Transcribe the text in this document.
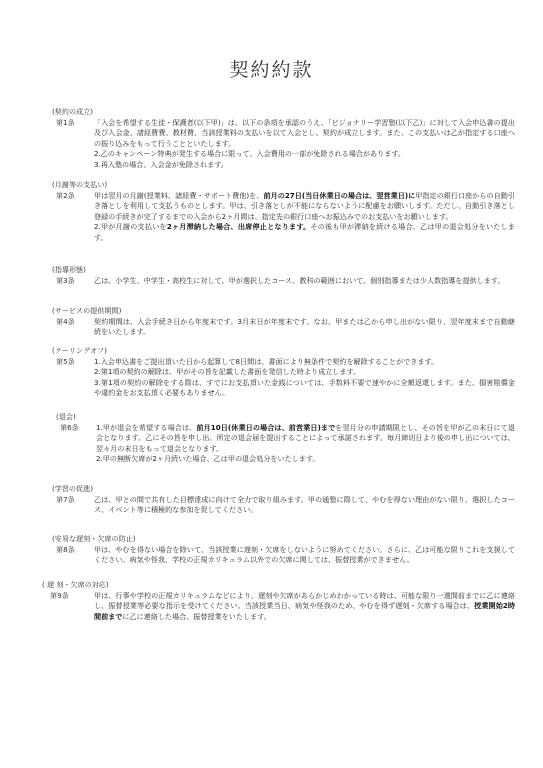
契約約款
(契約の成立)
第1条	「入会を希望する生徒・保護者(以下甲)」は、以下の条項を承認のうえ、「ビジョナリー学習塾(以下乙)」に対して入会申込書の提出及び入会金、諸経費費、教材費、当該授業料の支払いを以て入会とし、契約が成立します。また、この支払いは乙が指定する口座への振り込みをもって行うことといたします。
2.乙のキャンペーン特典が発生する場合に限って、入会費用の一部が免除される場合があります。
3.再入塾の場合、入会金が免除されます。
(月謝等の支払い)
第2条	甲は翌月の月謝(授業料、諸経費・サポート費他)を、前月の27日(当日休業日の場合は、翌営業日)に甲指定の銀行口座からの自動引き落としを利用して支払うものとします。甲は、引き落としが不能にならないように配慮をお願いします。ただし、自動引き落とし登録の手続きが完了するまでの入会から2ヶ月間は、指定先の銀行口座へお振込みでのお支払いをお願いします。
2.甲が月謝の支払いを2ヶ月滞納した場合、出席停止となります。その後も甲が滞納を続ける場合、乙は甲の退会処分をいたします。
(指導形態)
第3条	乙は、小学生、中学生・高校生に対して、甲が選択したコース、教科の範囲において、個別指導または少人数指導を提供します。
(サービスの提供期間)
第4条	契約期間は、入会手続き日から年度末です。3月末日が年度末です。なお、甲または乙から申し出がない限り、翌年度末まで自動継続をいたします。
(クーリングオフ)
第5条	1.入会申込書をご提出頂いた日から起算して8日間は、書面により無条件で契約を解除することができます。
2.第1項の契約の解除は、甲がその旨を記載した書面を発信した時より成立します。
3.第1項の契約の解除をする際は、すでにお支払頂いた金銭については、手数料不要で速やかに全額返還します。また、損害賠償金や違約金をお支払頂く必要もありません。
(退会)
第6条 1.甲が退会を希望する場合は、前月10日(休業日の場合は、前営業日)までを翌月分の申請期限とし、その旨を甲が乙の末日にて退会となります。乙にその旨を申し出、所定の退会届を提出することによって承諾されます。毎月締切日より後の申し出については、翌々月の末日をもって退会となります。
2.甲の無断欠席が2ヶ月続いた場合、乙は甲の退会処分をいたします。
(学習の促進)
第7条	乙は、甲との間で共有した目標達成に向けて全力で取り組みます。甲の通塾に際して、やむを得ない理由がない限り、選択したコース、イベント等に積極的な参加を促してください。
(安易な遅刻・欠席の防止)
第8条	甲は、やむを得ない場合を除いて、当該授業に遅刻・欠席をしないように努めてください。さらに、乙は可能な限りこれを支援してください。病気や怪我、学校の正規カリキュラム以外での欠席に関しては、振替授業ができません。
( 遅 刻・欠席の対応)
第9条	甲は、行事や学校の正規カリキュラムなどにより、遅刻や欠席があらかじめわかっている時は、可能な限り一週間前までに乙に連絡し、振替授業等必要な指示を受けてください。当該授業当日、病気や怪我のため、やむを得ず遅刻・欠席する場合は、授業開始2時間前までに乙に連絡した場合、振替授業をいたします。
